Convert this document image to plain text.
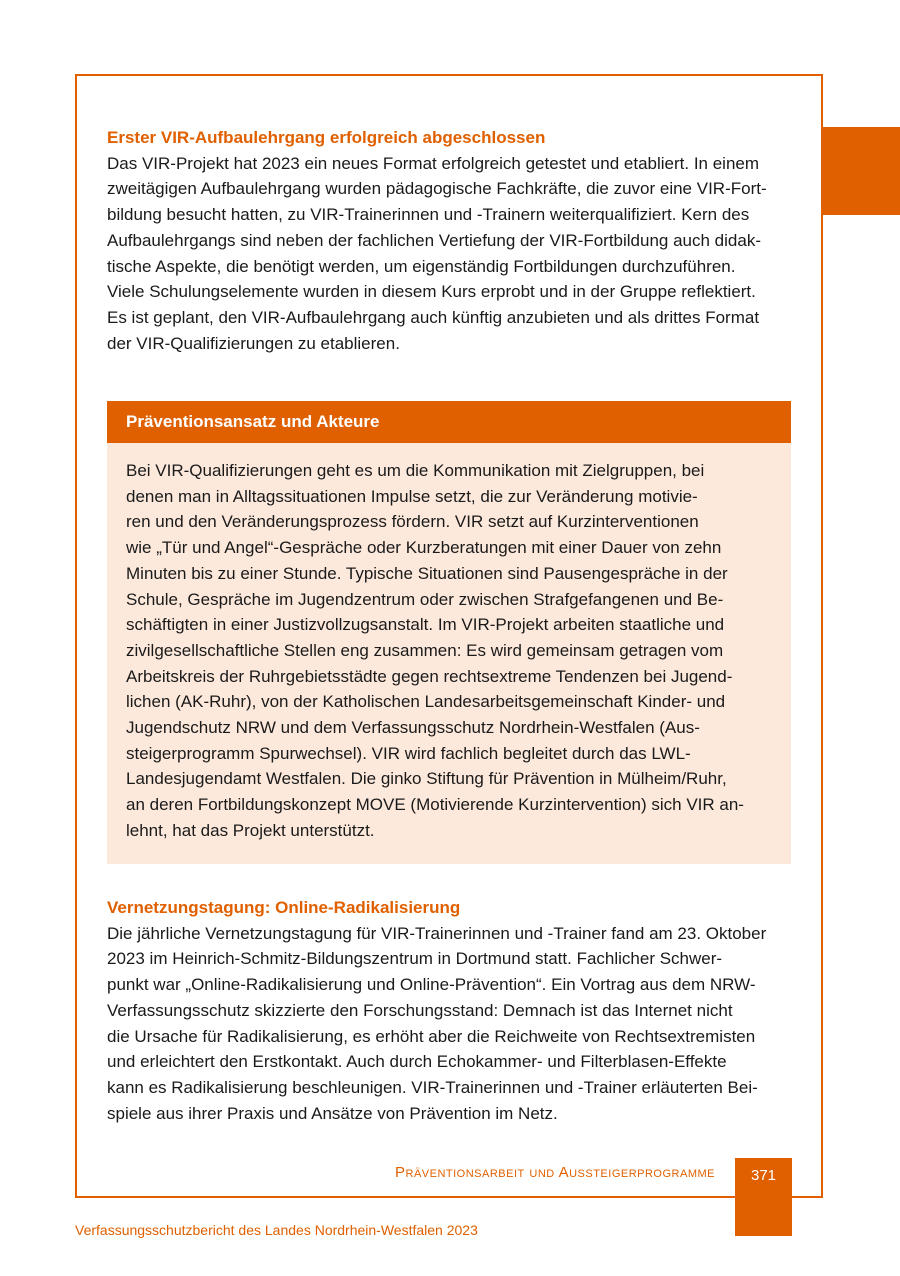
Erster VIR-Aufbaulehrgang erfolgreich abgeschlossen
Das VIR-Projekt hat 2023 ein neues Format erfolgreich getestet und etabliert. In einem
zweitägigen Aufbaulehrgang wurden pädagogische Fachkräfte, die zuvor eine VIR-Fort-
bildung besucht hatten, zu VIR-Trainerinnen und -Trainern weiterqualifiziert. Kern des
Aufbaulehrgangs sind neben der fachlichen Vertiefung der VIR-Fortbildung auch didak-
tische Aspekte, die benötigt werden, um eigenständig Fortbildungen durchzuführen.
Viele Schulungselemente wurden in diesem Kurs erprobt und in der Gruppe reflektiert.
Es ist geplant, den VIR-Aufbaulehrgang auch künftig anzubieten und als drittes Format
der VIR-Qualifizierungen zu etablieren.
Präventionsansatz und Akteure
Bei VIR-Qualifizierungen geht es um die Kommunikation mit Zielgruppen, bei
denen man in Alltagssituationen Impulse setzt, die zur Veränderung motivie-
ren und den Veränderungsprozess fördern. VIR setzt auf Kurzinterventionen
wie „Tür und Angel“-Gespräche oder Kurzberatungen mit einer Dauer von zehn
Minuten bis zu einer Stunde. Typische Situationen sind Pausengespräche in der
Schule, Gespräche im Jugendzentrum oder zwischen Strafgefangenen und Be-
schäftigten in einer Justizvollzugsanstalt. Im VIR-Projekt arbeiten staatliche und
zivilgesellschaftliche Stellen eng zusammen: Es wird gemeinsam getragen vom
Arbeitskreis der Ruhrgebietsstädte gegen rechtsextreme Tendenzen bei Jugend-
lichen (AK-Ruhr), von der Katholischen Landesarbeitsgemeinschaft Kinder- und
Jugendschutz NRW und dem Verfassungsschutz Nordrhein-Westfalen (Aus-
steigerprogramm Spurwechsel). VIR wird fachlich begleitet durch das LWL-
Landesjugendamt Westfalen. Die ginko Stiftung für Prävention in Mülheim/Ruhr,
an deren Fortbildungskonzept MOVE (Motivierende Kurzintervention) sich VIR an-
lehnt, hat das Projekt unterstützt.
Vernetzungstagung: Online-Radikalisierung
Die jährliche Vernetzungstagung für VIR-Trainerinnen und -Trainer fand am 23. Oktober
2023 im Heinrich-Schmitz-Bildungszentrum in Dortmund statt. Fachlicher Schwer-
punkt war „Online-Radikalisierung und Online-Prävention“. Ein Vortrag aus dem NRW-
Verfassungsschutz skizzierte den Forschungsstand: Demnach ist das Internet nicht
die Ursache für Radikalisierung, es erhöht aber die Reichweite von Rechtsextremisten
und erleichtert den Erstkontakt. Auch durch Echokammer- und Filterblasen-Effekte
kann es Radikalisierung beschleunigen. VIR-Trainerinnen und -Trainer erläuterten Bei-
spiele aus ihrer Praxis und Ansätze von Prävention im Netz.
Präventionsarbeit und Aussteigerprogramme	371
Verfassungsschutzbericht des Landes Nordrhein-Westfalen 2023
